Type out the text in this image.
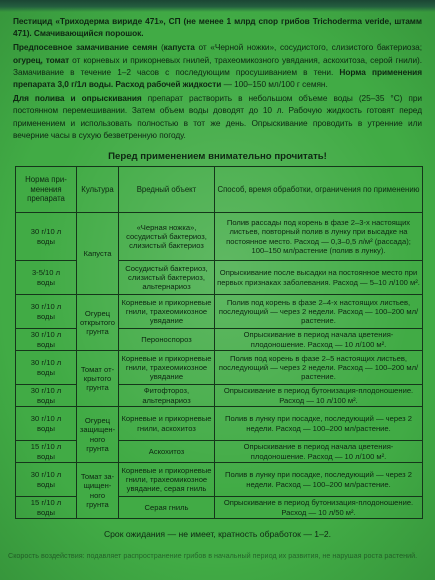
Пестицид «Триходерма вириде 471», СП (не менее 1 млрд спор грибов Trichoderma veride, штамм 471). Смачивающийся порошок.

Предпосевное замачивание семян (капуста от «Черной ножки», сосудистого, слизистого бактериоза; огурец, томат от корневых и прикорневых гнилей, трахеомикозного увядания, аскохитоза, серой гнили). Замачивание в течение 1–2 часов с последующим просушиванием в тени. Норма применения препарата 3,0 г/1л воды. Расход рабочей жидкости — 100–150 мл/100 г семян.

Для полива и опрыскивания препарат растворить в небольшом объеме воды (25–35 °С) при постоянном перемешивании. Затем объем воды доводят до 10 л. Рабочую жидкость готовят перед применением и использовать полностью в тот же день. Опрыскивание проводить в утренние или вечерние часы в сухую безветренную погоду.

Перед применением внимательно прочитать!
Норма применения препарата	Культура	Вредный объект	Способ, время обработки, ограничения по применению
30 г/10 л воды	Капуста	«Черная ножка», сосудистый бактериоз, слизистый бактериоз	Полив рассады под корень в фазе 2–3-х настоящих листьев, повторный полив в лунку при высадке на постоянное место. Расход — 0,3–0,5 л/м² (рассада); 100–150 мл/растение (полив в лунку).
3-5/10 л воды		Сосудистый бактериоз, слизистый бактериоз, альтернариоз	Опрыскивание после высадки на постоянное место при первых признаках заболевания. Расход — 5–10 л/100 м².
30 г/10 л воды	Огурец открытого грунта	Корневые и прикорневые гнили, трахеомикозное увядание	Полив под корень в фазе 2–4-х настоящих листьев, последующий — через 2 недели. Расход — 100–200 мл/растение.
30 г/10 л воды		Пероноспороз	Опрыскивание в период начала цветения-плодоношение. Расход — 10 л/100 м².
30 г/10 л воды	Томат открытого грунта	Корневые и прикорневые гнили, трахеомикозное увядание	Полив под корень в фазе 2–5 настоящих листьев, последующий — через 2 недели. Расход — 100–200 мл/растение.
30 г/10 л воды		Фитофтороз, альтернариоз	Опрыскивание в период бутонизация-плодоношение. Расход — 10 л/100 м².
30 г/10 л воды	Огурец защищенного грунта	Корневые и прикорневые гнили, аскохитоз	Полив в лунку при посадке, последующий — через 2 недели. Расход — 100–200 мл/растение.
15 г/10 л воды		Аскохитоз	Опрыскивание в период начала цветения-плодоношение. Расход — 10 л/100 м².
30 г/10 л воды	Томат защищенного грунта	Корневые и прикорневые гнили, трахеомикозное увядание, серая гниль	Полив в лунку при посадке, последующий — через 2 недели. Расход — 100–200 мл/растение.
15 г/10 л воды		Серая гниль	Опрыскивание в период бутонизация-плодоношение. Расход — 10 л/50 м².

Срок ожидания — не имеет, кратность обработок — 1–2.

Скорость воздействия: подавляет распространение грибов в начальный период их развития, не нарушая роста растений.
